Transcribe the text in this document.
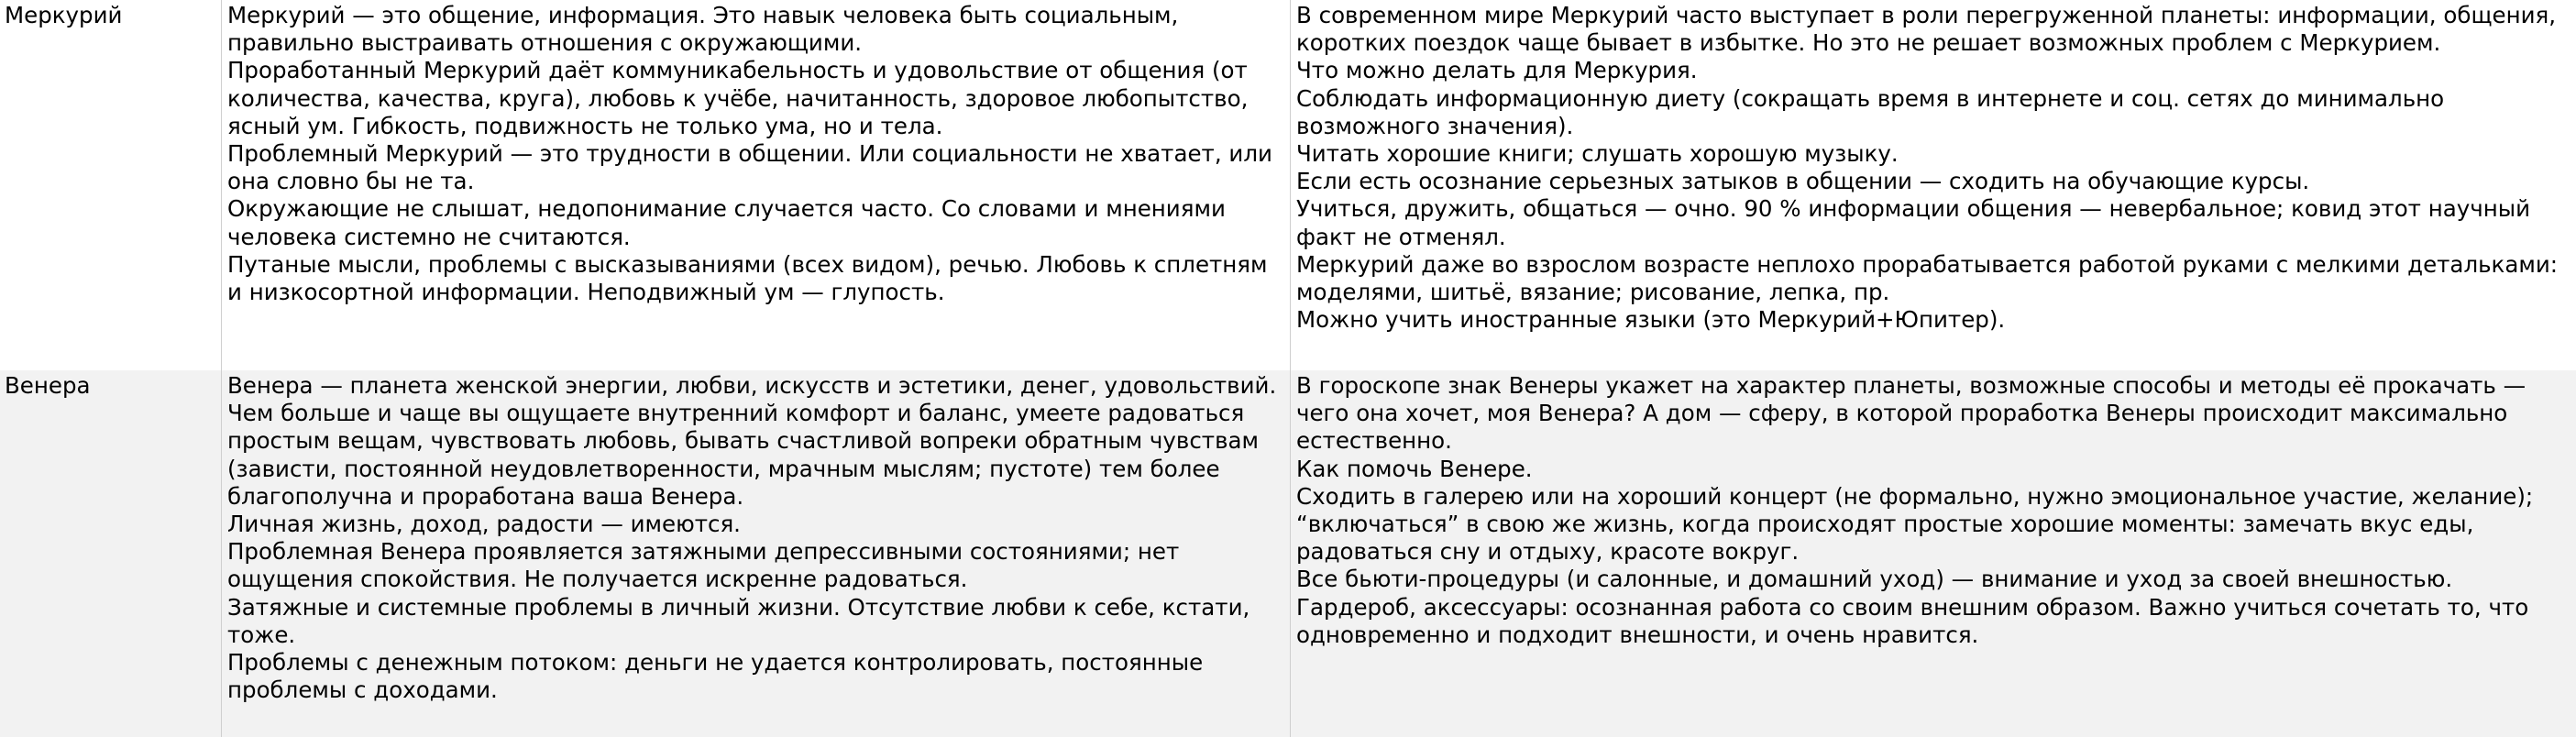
Меркурий	Меркурий — это общение, информация. Это навык человека быть социальным, правильно выстраивать отношения с окружающими.
Проработанный Меркурий даёт коммуникабельность и удовольствие от общения (от количества, качества, круга), любовь к учёбе, начитанность, здоровое любопытство, ясный ум. Гибкость, подвижность не только ума, но и тела.
Проблемный Меркурий — это трудности в общении. Или социальности не хватает, или она словно бы не та.
Окружающие не слышат, недопонимание случается часто. Со словами и мнениями человека системно не считаются.
Путаные мысли, проблемы с высказываниями (всех видом), речью. Любовь к сплетням и низкосортной информации. Неподвижный ум — глупость.
В современном мире Меркурий часто выступает в роли перегруженной планеты: информации, общения, коротких поездок чаще бывает в избытке. Но это не решает возможных проблем с Меркурием.
Что можно делать для Меркурия.
Соблюдать информационную диету (сокращать время в интернете и соц. сетях до минимально возможного значения).
Читать хорошие книги; слушать хорошую музыку.
Если есть осознание серьезных затыков в общении — сходить на обучающие курсы.
Учиться, дружить, общаться — очно. 90 % информации общения — невербальное; ковид этот научный факт не отменял.
Меркурий даже во взрослом возрасте неплохо прорабатывается работой руками с мелкими детальками: моделями, шитьё, вязание; рисование, лепка, пр.
Можно учить иностранные языки (это Меркурий+Юпитер).
Венера	Венера — планета женской энергии, любви, искусств и эстетики, денег, удовольствий.
Чем больше и чаще вы ощущаете внутренний комфорт и баланс, умеете радоваться простым вещам, чувствовать любовь, бывать счастливой вопреки обратным чувствам (зависти, постоянной неудовлетворенности, мрачным мыслям; пустоте) тем более благополучна и проработана ваша Венера.
Личная жизнь, доход, радости — имеются.
Проблемная Венера проявляется затяжными депрессивными состояниями; нет ощущения спокойствия. Не получается искренне радоваться.
Затяжные и системные проблемы в личный жизни. Отсутствие любви к себе, кстати, тоже.
Проблемы с денежным потоком: деньги не удается контролировать, постоянные проблемы с доходами.
В гороскопе знак Венеры укажет на характер планеты, возможные способы и методы её прокачать — чего она хочет, моя Венера? А дом — сферу, в которой проработка Венеры происходит максимально естественно.
Как помочь Венере.
Сходить в галерею или на хороший концерт (не формально, нужно эмоциональное участие, желание); “включаться” в свою же жизнь, когда происходят простые хорошие моменты: замечать вкус еды, радоваться сну и отдыху, красоте вокруг.
Все бьюти-процедуры (и салонные, и домашний уход) — внимание и уход за своей внешностью.
Гардероб, аксессуары: осознанная работа со своим внешним образом. Важно учиться сочетать то, что одновременно и подходит внешности, и очень нравится.
